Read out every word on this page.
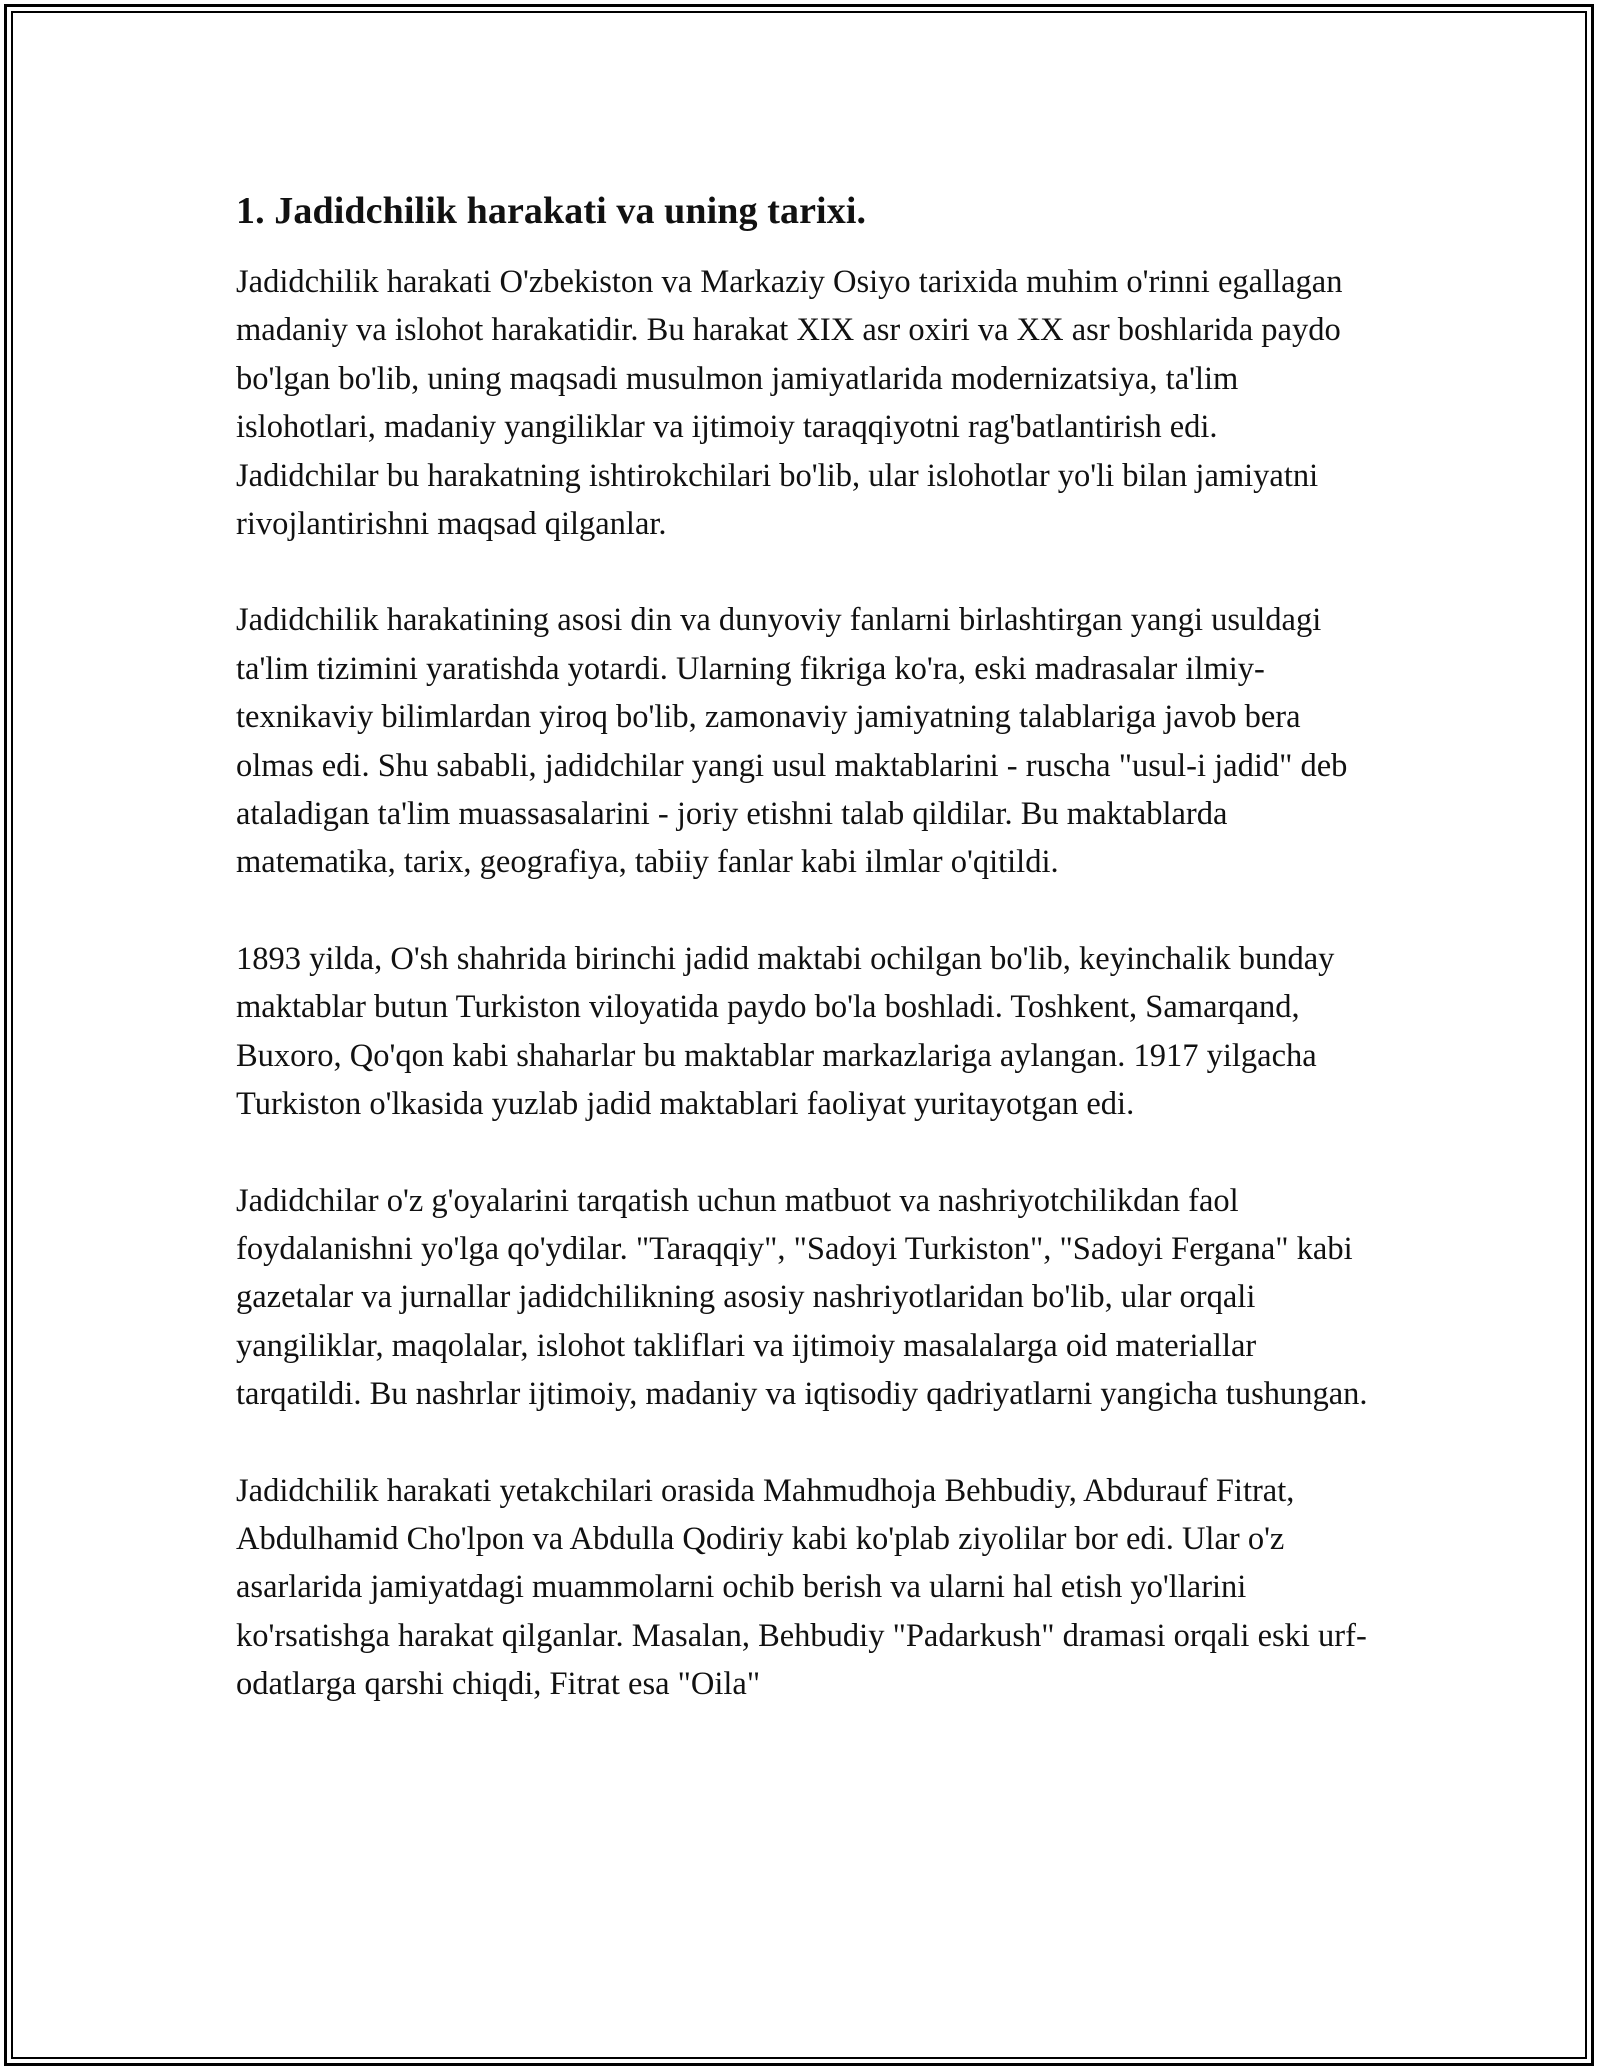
1. Jadidchilik harakati va uning tarixi.

Jadidchilik harakati O'zbekiston va Markaziy Osiyo tarixida muhim o'rinni egallagan madaniy va islohot harakatidir. Bu harakat XIX asr oxiri va XX asr boshlarida paydo bo'lgan bo'lib, uning maqsadi musulmon jamiyatlarida modernizatsiya, ta'lim islohotlari, madaniy yangiliklar va ijtimoiy taraqqiyotni rag'batlantirish edi. Jadidchilar bu harakatning ishtirokchilari bo'lib, ular islohotlar yo'li bilan jamiyatni rivojlantirishni maqsad qilganlar.

Jadidchilik harakatining asosi din va dunyoviy fanlarni birlashtirgan yangi usuldagi ta'lim tizimini yaratishda yotardi. Ularning fikriga ko'ra, eski madrasalar ilmiy-texnikaviy bilimlardan yiroq bo'lib, zamonaviy jamiyatning talablariga javob bera olmas edi. Shu sababli, jadidchilar yangi usul maktablarini - ruscha "usul-i jadid" deb ataladigan ta'lim muassasalarini - joriy etishni talab qildilar. Bu maktablarda matematika, tarix, geografiya, tabiiy fanlar kabi ilmlar o'qitildi.

1893 yilda, O'sh shahrida birinchi jadid maktabi ochilgan bo'lib, keyinchalik bunday maktablar butun Turkiston viloyatida paydo bo'la boshladi. Toshkent, Samarqand, Buxoro, Qo'qon kabi shaharlar bu maktablar markazlariga aylangan. 1917 yilgacha Turkiston o'lkasida yuzlab jadid maktablari faoliyat yuritayotgan edi.

Jadidchilar o'z g'oyalarini tarqatish uchun matbuot va nashriyotchilikdan faol foydalanishni yo'lga qo'ydilar. "Taraqqiy", "Sadoyi Turkiston", "Sadoyi Fergana" kabi gazetalar va jurnallar jadidchilikning asosiy nashriyotlaridan bo'lib, ular orqali yangiliklar, maqolalar, islohot takliflari va ijtimoiy masalalarga oid materiallar tarqatildi. Bu nashrlar ijtimoiy, madaniy va iqtisodiy qadriyatlarni yangicha tushungan.

Jadidchilik harakati yetakchilari orasida Mahmudhoja Behbudiy, Abdurauf Fitrat, Abdulhamid Cho'lpon va Abdulla Qodiriy kabi ko'plab ziyolilar bor edi. Ular o'z asarlarida jamiyatdagi muammolarni ochib berish va ularni hal etish yo'llarini ko'rsatishga harakat qilganlar. Masalan, Behbudiy "Padarkush" dramasi orqali eski urf-odatlarga qarshi chiqdi, Fitrat esa "Oila"
